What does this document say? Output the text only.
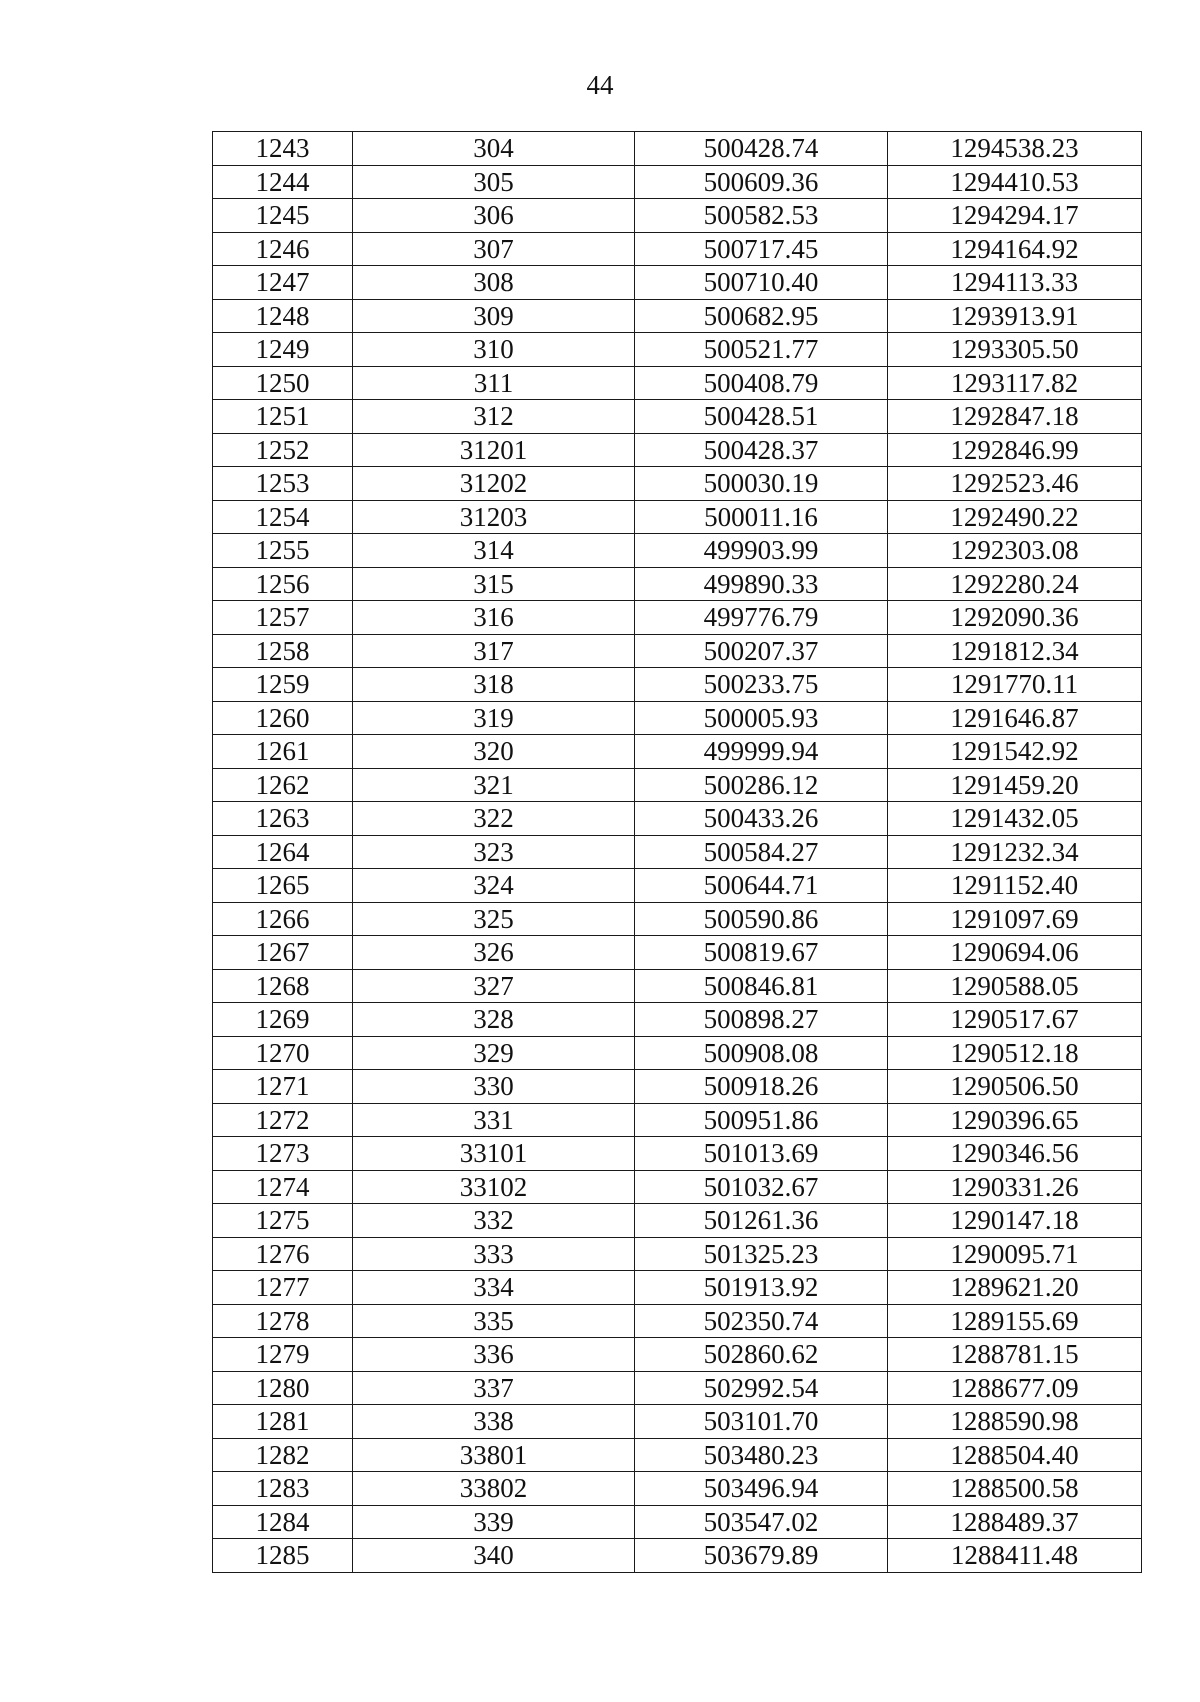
44
1243	304	500428.74	1294538.23
1244	305	500609.36	1294410.53
1245	306	500582.53	1294294.17
1246	307	500717.45	1294164.92
1247	308	500710.40	1294113.33
1248	309	500682.95	1293913.91
1249	310	500521.77	1293305.50
1250	311	500408.79	1293117.82
1251	312	500428.51	1292847.18
1252	31201	500428.37	1292846.99
1253	31202	500030.19	1292523.46
1254	31203	500011.16	1292490.22
1255	314	499903.99	1292303.08
1256	315	499890.33	1292280.24
1257	316	499776.79	1292090.36
1258	317	500207.37	1291812.34
1259	318	500233.75	1291770.11
1260	319	500005.93	1291646.87
1261	320	499999.94	1291542.92
1262	321	500286.12	1291459.20
1263	322	500433.26	1291432.05
1264	323	500584.27	1291232.34
1265	324	500644.71	1291152.40
1266	325	500590.86	1291097.69
1267	326	500819.67	1290694.06
1268	327	500846.81	1290588.05
1269	328	500898.27	1290517.67
1270	329	500908.08	1290512.18
1271	330	500918.26	1290506.50
1272	331	500951.86	1290396.65
1273	33101	501013.69	1290346.56
1274	33102	501032.67	1290331.26
1275	332	501261.36	1290147.18
1276	333	501325.23	1290095.71
1277	334	501913.92	1289621.20
1278	335	502350.74	1289155.69
1279	336	502860.62	1288781.15
1280	337	502992.54	1288677.09
1281	338	503101.70	1288590.98
1282	33801	503480.23	1288504.40
1283	33802	503496.94	1288500.58
1284	339	503547.02	1288489.37
1285	340	503679.89	1288411.48
